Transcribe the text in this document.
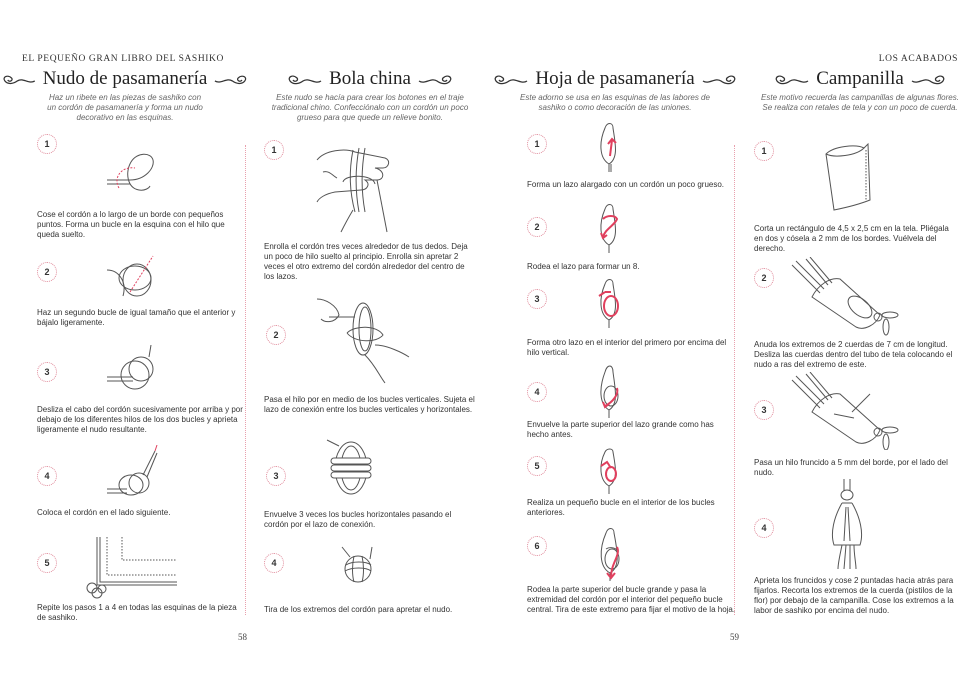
EL PEQUEÑO GRAN LIBRO DEL SASHIKO	LOS ACABADOS
Nudo de pasamanería
Haz un ribete en las piezas de sashiko con un cordón de pasamanería y forma un nudo decorativo en las esquinas.
1
Cose el cordón a lo largo de un borde con pequeños puntos. Forma un bucle en la esquina con el hilo que queda suelto.
2
Haz un segundo bucle de igual tamaño que el anterior y bájalo ligeramente.
3
Desliza el cabo del cordón sucesivamente por arriba y por debajo de los diferentes hilos de los dos bucles y aprieta ligeramente el nudo resultante.
4
Coloca el cordón en el lado siguiente.
5
Repite los pasos 1 a 4 en todas las esquinas de la pieza de sashiko.
58
Bola china
Este nudo se hacía para crear los botones en el traje tradicional chino. Confecciónalo con un cordón un poco grueso para que quede un relieve bonito.
1
Enrolla el cordón tres veces alrededor de tus dedos. Deja un poco de hilo suelto al principio. Enrolla sin apretar 2 veces el otro extremo del cordón alrededor del centro de los lazos.
2
Pasa el hilo por en medio de los bucles verticales. Sujeta el lazo de conexión entre los bucles verticales y horizontales.
3
Envuelve 3 veces los bucles horizontales pasando el cordón por el lazo de conexión.
4
Tira de los extremos del cordón para apretar el nudo.
Hoja de pasamanería
Este adorno se usa en las esquinas de las labores de sashiko o como decoración de las uniones.
1
Forma un lazo alargado con un cordón un poco grueso.
2
Rodea el lazo para formar un 8.
3
Forma otro lazo en el interior del primero por encima del hilo vertical.
4
Envuelve la parte superior del lazo grande como has hecho antes.
5
Realiza un pequeño bucle en el interior de los bucles anteriores.
6
Rodea la parte superior del bucle grande y pasa la extremidad del cordón por el interior del pequeño bucle central. Tira de este extremo para fijar el motivo de la hoja.
59
Campanilla
Este motivo recuerda las campanillas de algunas flores. Se realiza con retales de tela y con un poco de cuerda.
1
Corta un rectángulo de 4,5 x 2,5 cm en la tela. Pliégala en dos y cósela a 2 mm de los bordes. Vuélvela del derecho.
2
Anuda los extremos de 2 cuerdas de 7 cm de longitud. Desliza las cuerdas dentro del tubo de tela colocando el nudo a ras del extremo de este.
3
Pasa un hilo fruncido a 5 mm del borde, por el lado del nudo.
4
Aprieta los fruncidos y cose 2 puntadas hacia atrás para fijarlos. Recorta los extremos de la cuerda (pistilos de la flor) por debajo de la campanilla. Cose los extremos a la labor de sashiko por encima del nudo.
